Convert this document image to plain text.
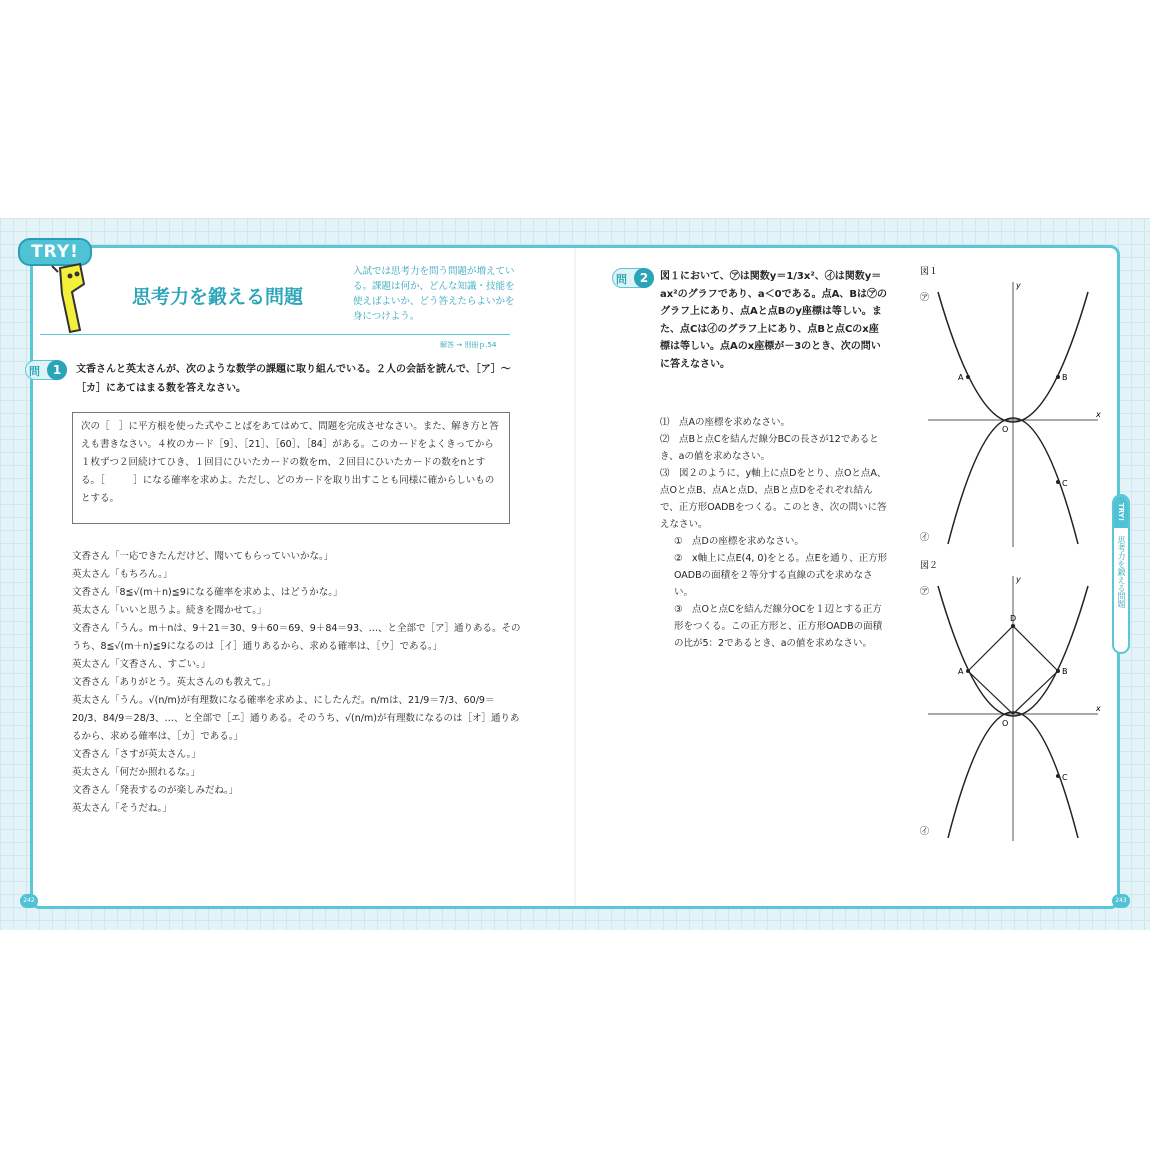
TRY!
思考力を鍛える問題
入試では思考力を問う問題が増えている。課題は何か、どんな知識・技能を使えばよいか、どう答えたらよいかを身につけよう。
解答 → 別冊ｐ.54
問	1	文香さんと英太さんが、次のような数学の課題に取り組んでいる。２人の会話を読んで、［ア］～［カ］にあてはまる数を答えなさい。
次の［　］に平方根を使った式やことばをあてはめて、問題を完成させなさい。また、解き方と答えも書きなさい。４枚のカード［9］、［21］、［60］、［84］がある。このカードをよくきってから１枚ずつ２回続けてひき、１回目にひいたカードの数をm、２回目にひいたカードの数をnとする。［　　　］になる確率を求めよ。ただし、どのカードを取り出すことも同様に確からしいものとする。

文香さん「一応できたんだけど、聞いてもらっていいかな。」

英太さん「もちろん。」

文香さん「8≦√(m＋n)≦9になる確率を求めよ、はどうかな。」

英太さん「いいと思うよ。続きを聞かせて。」

文香さん「うん。m＋nは、9＋21＝30、9＋60＝69、9＋84＝93、…、と全部で［ア］通りある。そのうち、8≦√(m＋n)≦9になるのは［イ］通りあるから、求める確率は、［ウ］である。」

英太さん「文香さん、すごい。」

文香さん「ありがとう。英太さんのも教えて。」

英太さん「うん。√(n/m)が有理数になる確率を求めよ、にしたんだ。n/mは、21/9＝7/3、60/9＝20/3、84/9＝28/3、…、と全部で［エ］通りある。そのうち、√(n/m)が有理数になるのは［オ］通りあるから、求める確率は、［カ］である。」

文香さん「さすが英太さん。」

英太さん「何だか照れるな。」

文香さん「発表するのが楽しみだね。」

英太さん「そうだね。」

242
問	2	図１において、㋐は関数y＝1/3x²、㋑は関数y＝ax²のグラフであり、a＜0である。点A、Bは㋐のグラフ上にあり、点Aと点Bのy座標は等しい。また、点Cは㋑のグラフ上にあり、点Bと点Cのx座標は等しい。点Aのx座標が－3のとき、次の問いに答えなさい。

⑴　点Aの座標を求めなさい。

⑵　点Bと点Cを結んだ線分BCの長さが12であるとき、aの値を求めなさい。

⑶　図２のように、y軸上に点Dをとり、点Oと点A、点Oと点B、点Aと点D、点Bと点Dをそれぞれ結んで、正方形OADBをつくる。このとき、次の問いに答えなさい。

①　点Dの座標を求めなさい。

②　x軸上に点E(4, 0)をとる。点Eを通り、正方形OADBの面積を２等分する直線の式を求めなさい。

③　点Oと点Cを結んだ線分OCを１辺とする正方形をつくる。この正方形と、正方形OADBの面積の比が5：2であるとき、aの値を求めなさい。

図１
㋐
㋑
x
y
O
A	B
C
図２
㋐
㋑
x
y
O
A	B
C
D
TRY!
思考力を鍛える問題
243
